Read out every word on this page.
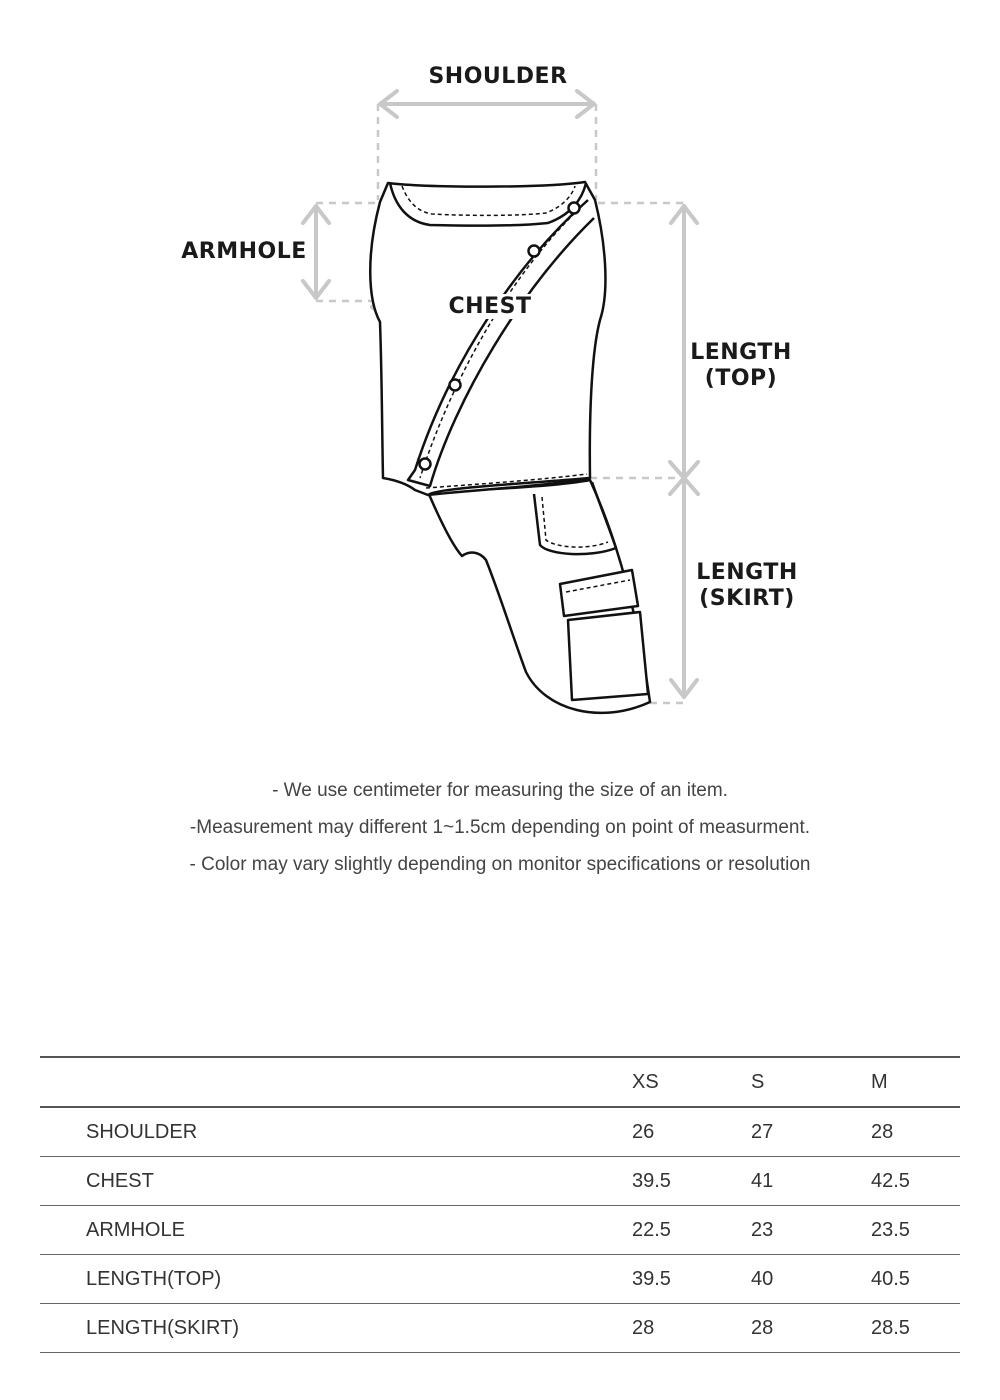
SHOULDER
ARMHOLE
CHEST
LENGTH
(TOP)
LENGTH
(SKIRT)
- We use centimeter for measuring the size of an item.
-Measurement may different 1~1.5cm depending on point of measurment.
- Color may vary slightly depending on monitor specifications or resolution
	XS	S	M
SHOULDER	26	27	28
CHEST	39.5	41	42.5
ARMHOLE	22.5	23	23.5
LENGTH(TOP)	39.5	40	40.5
LENGTH(SKIRT)	28	28	28.5
